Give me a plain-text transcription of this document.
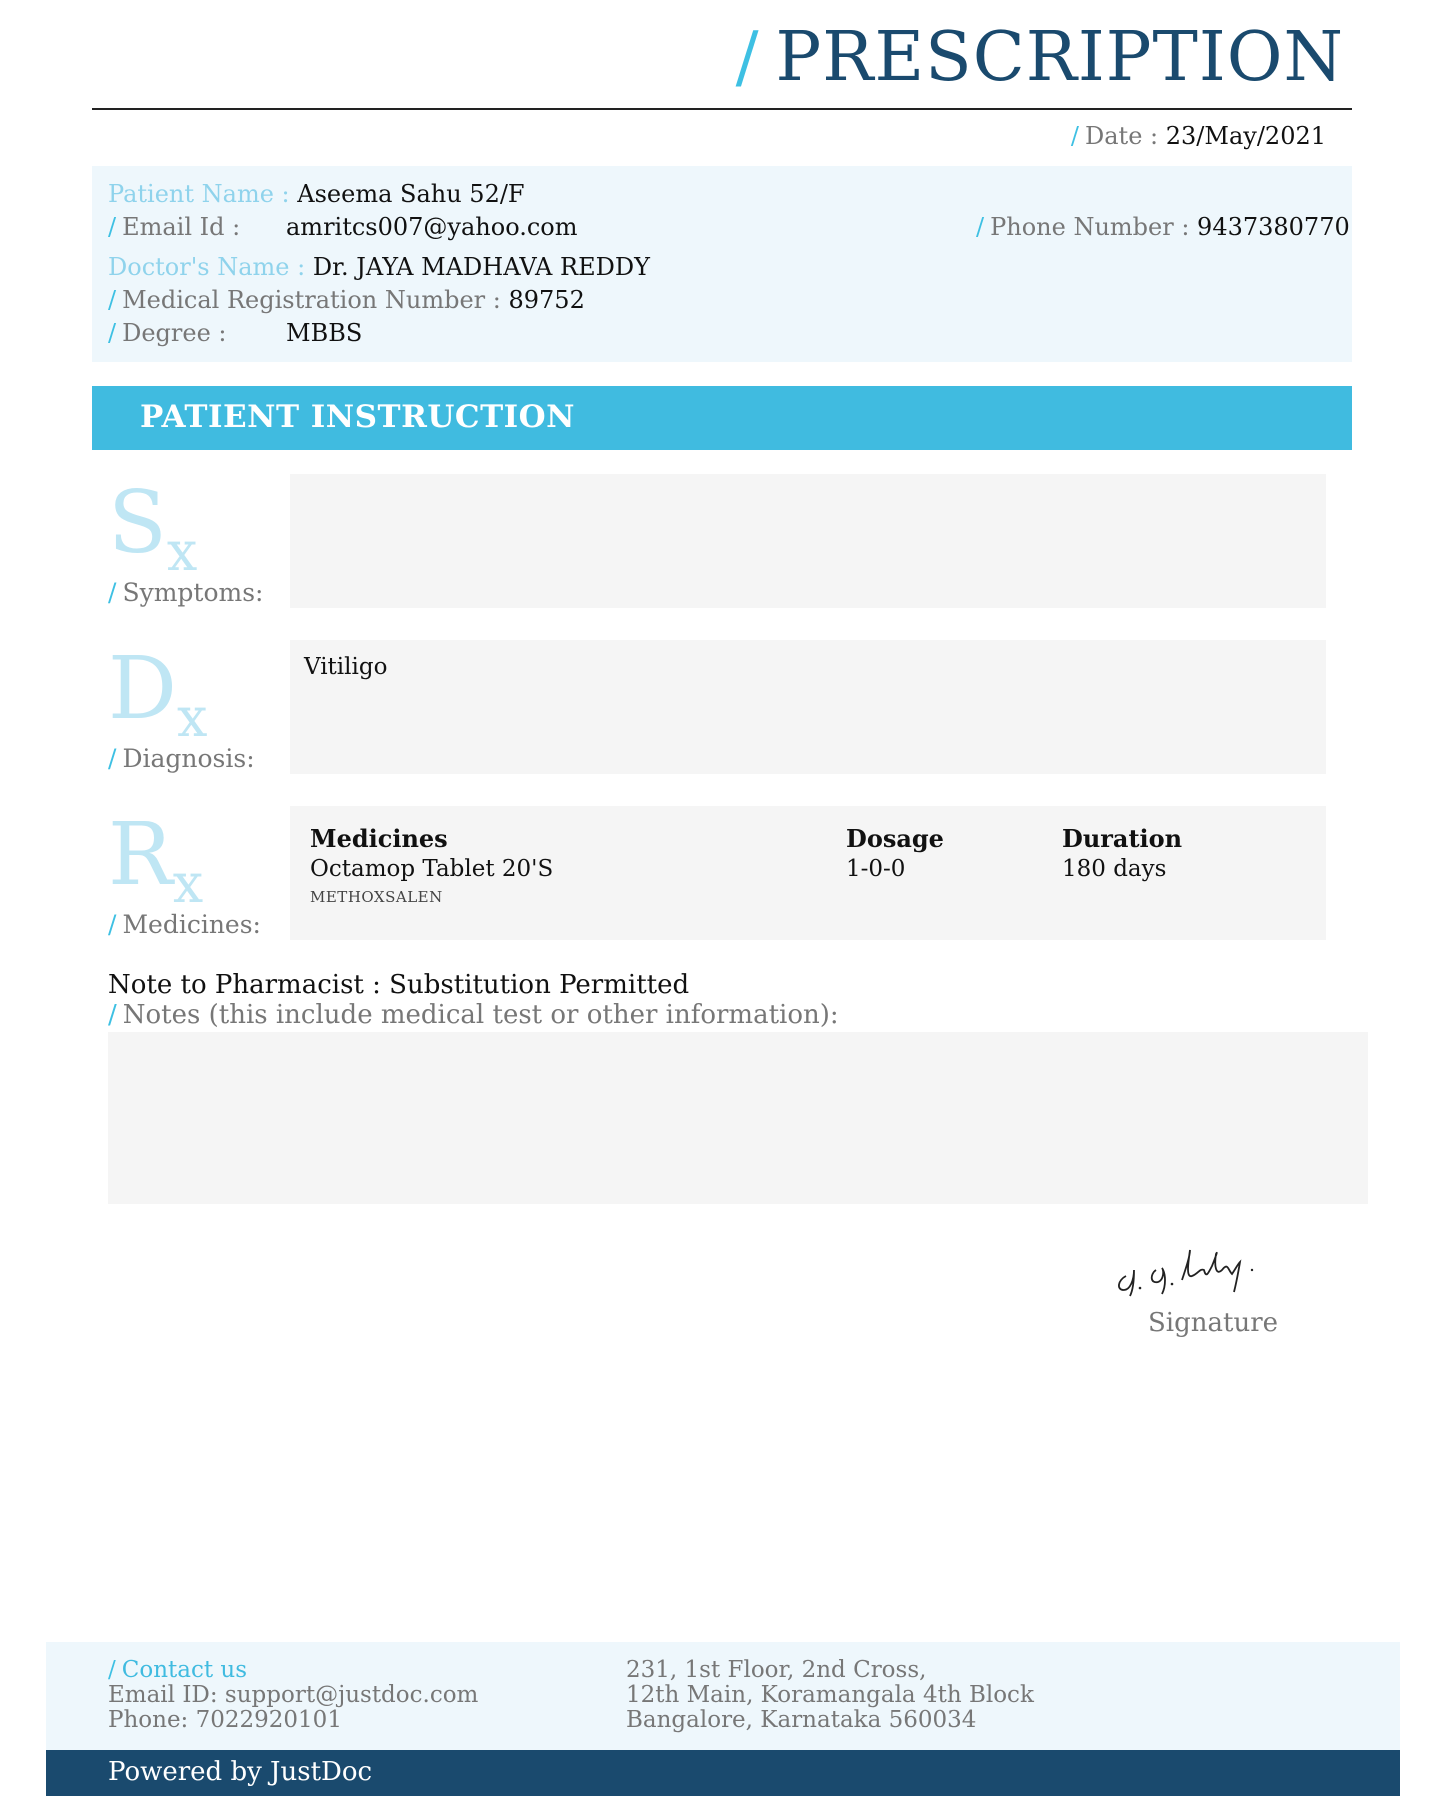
/ PRESCRIPTION
/ Date : 23/May/2021
Patient Name : Aseema Sahu 52/F
/ Email Id : amritcs007@yahoo.com	/ Phone Number : 9437380770
Doctor's Name : Dr. JAYA MADHAVA REDDY
/ Medical Registration Number : 89752
/ Degree : MBBS
PATIENT INSTRUCTION
Sx
/ Symptoms:
Dx
/ Diagnosis:
Vitiligo
Rx
/ Medicines:
Medicines	Dosage	Duration
Octamop Tablet 20'S
METHOXSALEN
1-0-0	180 days
Note to Pharmacist : Substitution Permitted
/ Notes (this include medical test or other information):
Signature
/ Contact us
Email ID: support@justdoc.com
Phone: 7022920101
231, 1st Floor, 2nd Cross,
12th Main, Koramangala 4th Block
Bangalore, Karnataka 560034
Powered by JustDoc
